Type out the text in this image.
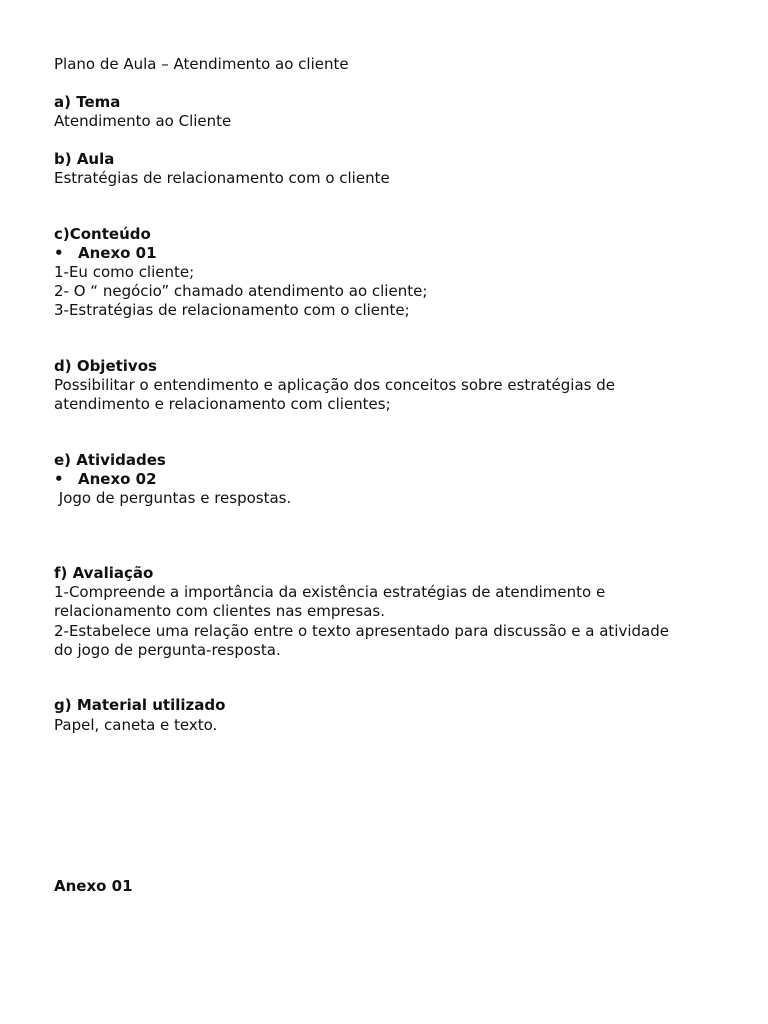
Plano de Aula – Atendimento ao cliente
a) Tema
Atendimento ao Cliente
b) Aula
Estratégias de relacionamento com o cliente
c)Conteúdo
• Anexo 01
1-Eu como cliente;
2- O “ negócio” chamado atendimento ao cliente;
3-Estratégias de relacionamento com o cliente;
d) Objetivos
Possibilitar o entendimento e aplicação dos conceitos sobre estratégias de
atendimento e relacionamento com clientes;
e) Atividades
• Anexo 02
Jogo de perguntas e respostas.
f) Avaliação
1-Compreende a importância da existência estratégias de atendimento e
relacionamento com clientes nas empresas.
2-Estabelece uma relação entre o texto apresentado para discussão e a atividade
do jogo de pergunta-resposta.
g) Material utilizado
Papel, caneta e texto.
Anexo 01
